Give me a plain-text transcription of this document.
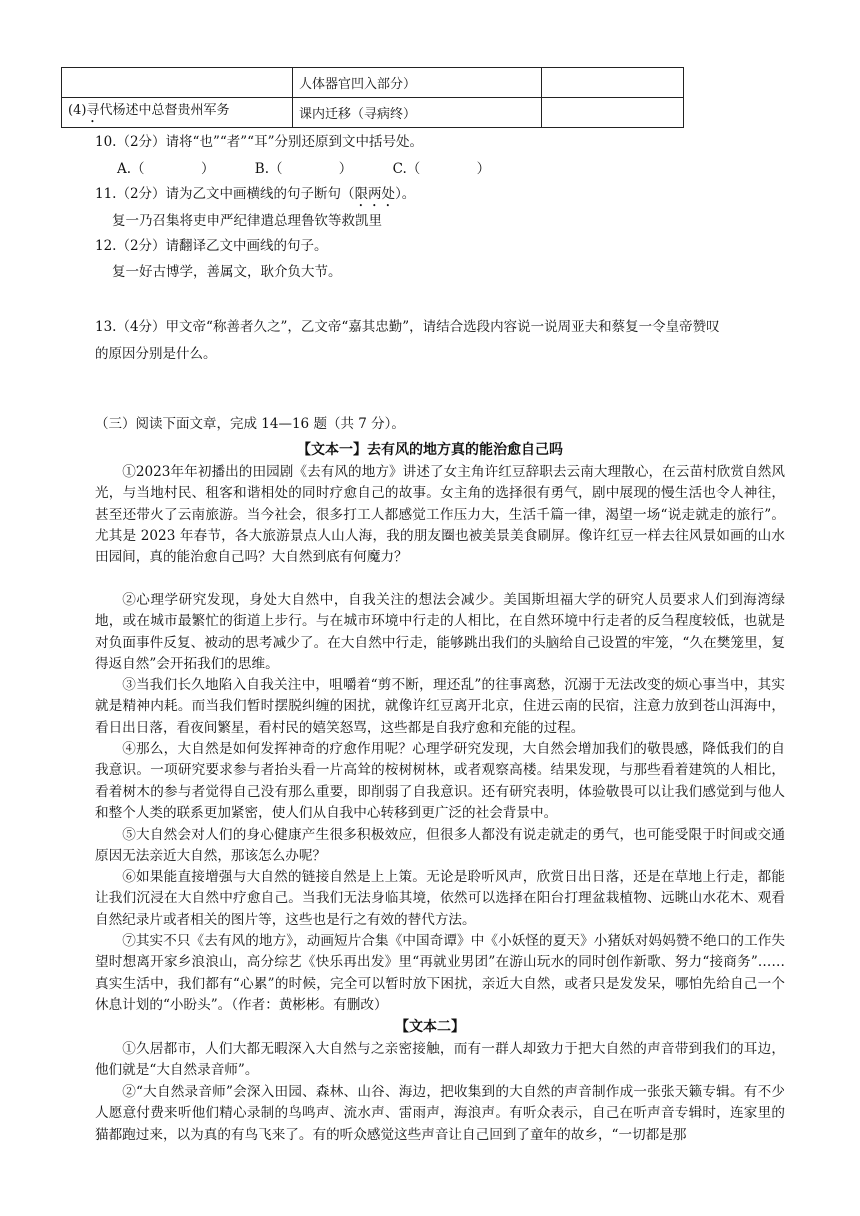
	人体器官凹入部分）	
(4)寻代杨述中总督贵州军务	课内迁移（寻病终）	
10.（2分）请将“也”“者”“耳”分别还原到文中括号处。
A.（	）	B.（	）	C.（	）
11.（2分）请为乙文中画横线的句子断句（限两处）。
复一乃召集将吏申严纪律遣总理鲁钦等救凯里
12.（2分）请翻译乙文中画线的句子。
复一好古博学，善属文，耿介负大节。
13.（4分）甲文帝“称善者久之”，乙文帝“嘉其忠勤”，请结合选段内容说一说周亚夫和蔡复一令皇帝赞叹
的原因分别是什么。
（三）阅读下面文章，完成 14—16 题（共 7 分）。
【文本一】去有风的地方真的能治愈自己吗

①2023年年初播出的田园剧《去有风的地方》讲述了女主角许红豆辞职去云南大理散心，在云苗村欣赏自然风光，与当地村民、租客和谐相处的同时疗愈自己的故事。女主角的选择很有勇气，剧中展现的慢生活也令人神往，甚至还带火了云南旅游。当今社会，很多打工人都感觉工作压力大，生活千篇一律，渴望一场“说走就走的旅行”。尤其是 2023 年春节，各大旅游景点人山人海，我的朋友圈也被美景美食刷屏。像许红豆一样去往风景如画的山水田园间，真的能治愈自己吗？大自然到底有何魔力？

②心理学研究发现，身处大自然中，自我关注的想法会减少。美国斯坦福大学的研究人员要求人们到海湾绿地，或在城市最繁忙的街道上步行。与在城市环境中行走的人相比，在自然环境中行走者的反刍程度较低，也就是对负面事件反复、被动的思考减少了。在大自然中行走，能够跳出我们的头脑给自己设置的牢笼，“久在樊笼里，复得返自然”会开拓我们的思维。

③当我们长久地陷入自我关注中，咀嚼着“剪不断，理还乱”的往事离愁，沉溺于无法改变的烦心事当中，其实就是精神内耗。而当我们暂时摆脱纠缠的困扰，就像许红豆离开北京，住进云南的民宿，注意力放到苍山洱海中，看日出日落，看夜间繁星，看村民的嬉笑怒骂，这些都是自我疗愈和充能的过程。

④那么，大自然是如何发挥神奇的疗愈作用呢？心理学研究发现，大自然会增加我们的敬畏感，降低我们的自我意识。一项研究要求参与者抬头看一片高耸的桉树树林，或者观察高楼。结果发现，与那些看着建筑的人相比，看着树木的参与者觉得自己没有那么重要，即削弱了自我意识。还有研究表明，体验敬畏可以让我们感觉到与他人和整个人类的联系更加紧密，使人们从自我中心转移到更广泛的社会背景中。

⑤大自然会对人们的身心健康产生很多积极效应，但很多人都没有说走就走的勇气，也可能受限于时间或交通原因无法亲近大自然，那该怎么办呢？

⑥如果能直接增强与大自然的链接自然是上上策。无论是聆听风声，欣赏日出日落，还是在草地上行走，都能让我们沉浸在大自然中疗愈自己。当我们无法身临其境，依然可以选择在阳台打理盆栽植物、远眺山水花木、观看自然纪录片或者相关的图片等，这些也是行之有效的替代方法。

⑦其实不只《去有风的地方》，动画短片合集《中国奇谭》中《小妖怪的夏天》小猪妖对妈妈赞不绝口的工作失望时想离开家乡浪浪山，高分综艺《快乐再出发》里“再就业男团”在游山玩水的同时创作新歌、努力“接商务”……真实生活中，我们都有“心累”的时候，完全可以暂时放下困扰，亲近大自然，或者只是发发呆，哪怕先给自己一个休息计划的“小盼头”。（作者：黄彬彬。有删改）

【文本二】

①久居都市，人们大都无暇深入大自然与之亲密接触，而有一群人却致力于把大自然的声音带到我们的耳边，他们就是“大自然录音师”。

②“大自然录音师”会深入田园、森林、山谷、海边，把收集到的大自然的声音制作成一张张天籁专辑。有不少人愿意付费来听他们精心录制的鸟鸣声、流水声、雷雨声，海浪声。有听众表示，自己在听声音专辑时，连家里的猫都跑过来，以为真的有鸟飞来了。有的听众感觉这些声音让自己回到了童年的故乡，“一切都是那
